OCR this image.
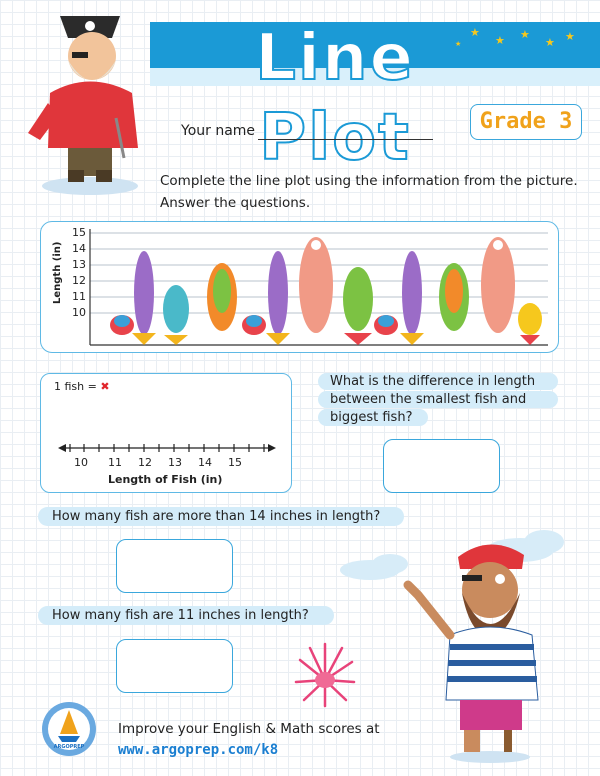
Line Plot
★
★ ★
★ ★
★
Grade 3
Your name
Complete the line plot using the information from the picture.
Answer the questions.
Length (in)
15
14
13
12
11
10
1 fish = ✖
10 11 12 13 14 15
Length of Fish (in)
What is the difference in length
between the smallest fish and
biggest fish?
How many fish are more than 14 inches in length?
How many fish are 11 inches in length?
ARGOPREP
Improve your English & Math scores at
www.argoprep.com/k8
